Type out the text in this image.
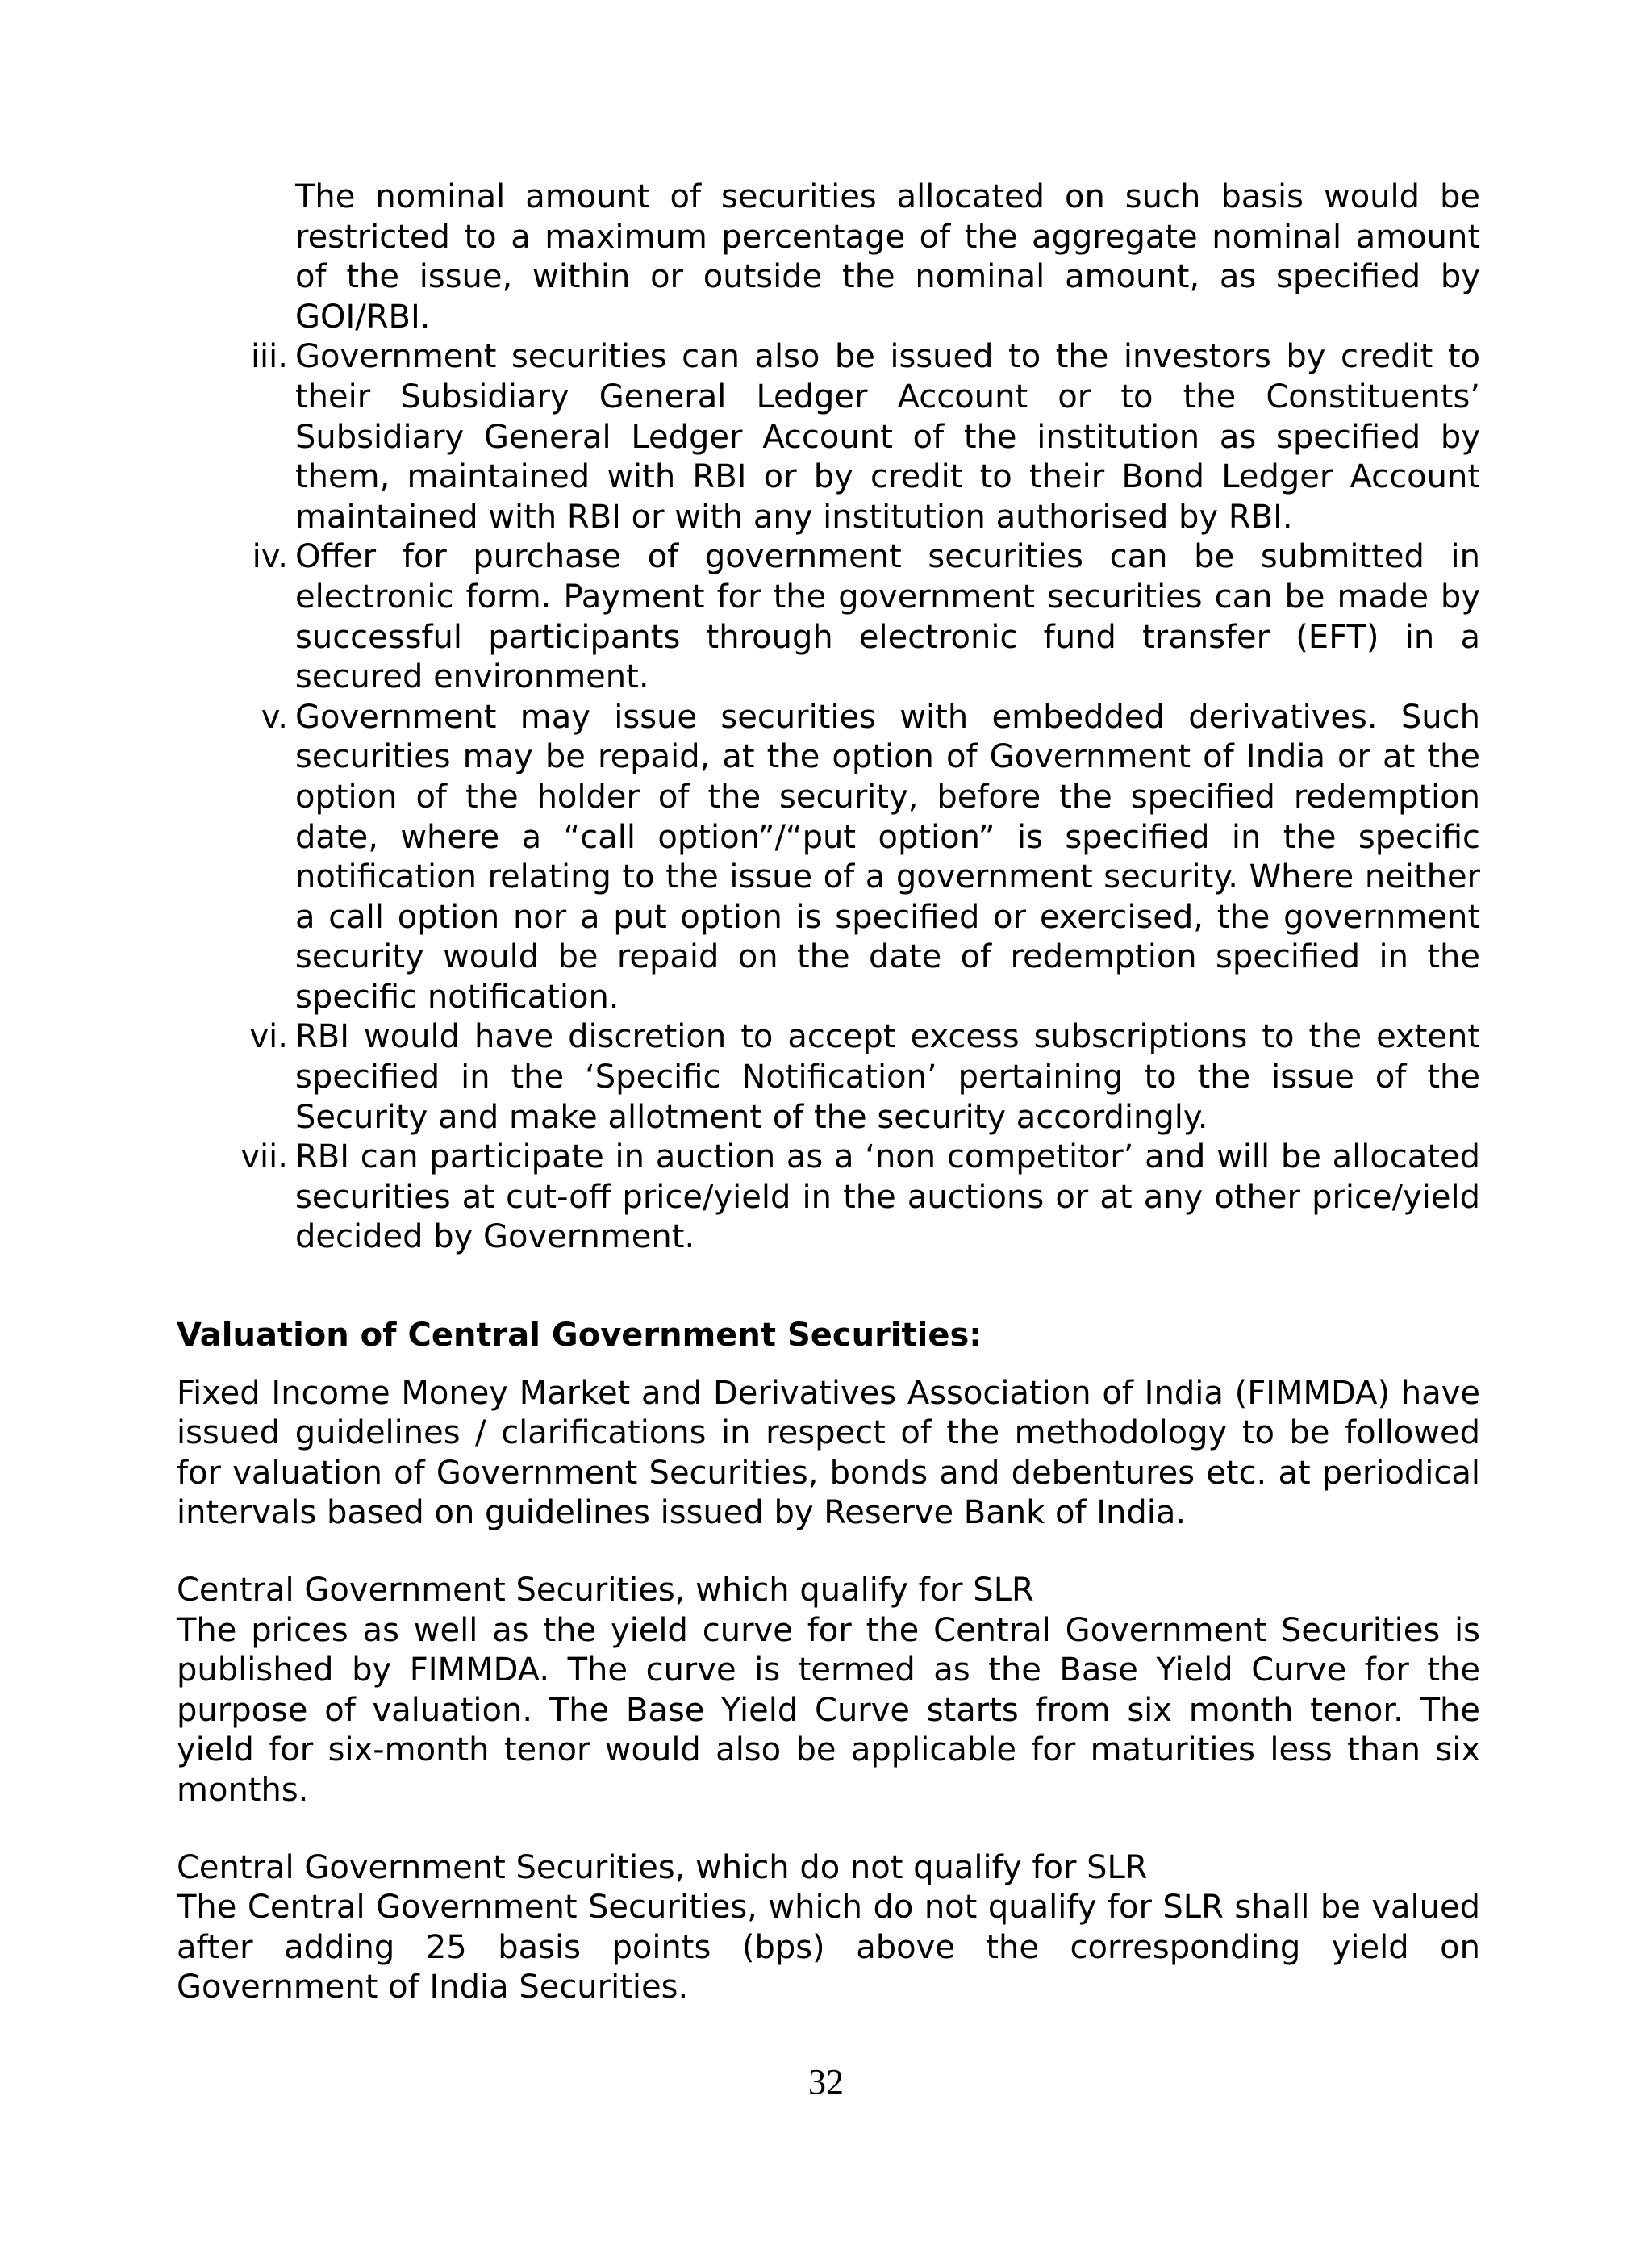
The nominal amount of securities allocated on such basis would be restricted to a maximum percentage of the aggregate nominal amount of the issue, within or outside the nominal amount, as specified by GOI/RBI.

iii. Government securities can also be issued to the investors by credit to their Subsidiary General Ledger Account or to the Constituents’ Subsidiary General Ledger Account of the institution as specified by them, maintained with RBI or by credit to their Bond Ledger Account maintained with RBI or with any institution authorised by RBI.
iv. Offer for purchase of government securities can be submitted in electronic form. Payment for the government securities can be made by successful participants through electronic fund transfer (EFT) in a secured environment.
v. Government may issue securities with embedded derivatives. Such securities may be repaid, at the option of Government of India or at the option of the holder of the security, before the specified redemption date, where a “call option”/“put option” is specified in the specific notification relating to the issue of a government security. Where neither a call option nor a put option is specified or exercised, the government security would be repaid on the date of redemption specified in the specific notification.
vi. RBI would have discretion to accept excess subscriptions to the extent specified in the ‘Specific Notification’ pertaining to the issue of the Security and make allotment of the security accordingly.
vii. RBI can participate in auction as a ‘non competitor’ and will be allocated securities at cut-off price/yield in the auctions or at any other price/yield decided by Government.
Valuation of Central Government Securities:

Fixed Income Money Market and Derivatives Association of India (FIMMDA) have issued guidelines / clarifications in respect of the methodology to be followed for valuation of Government Securities, bonds and debentures etc. at periodical intervals based on guidelines issued by Reserve Bank of India.

Central Government Securities, which qualify for SLR

The prices as well as the yield curve for the Central Government Securities is published by FIMMDA. The curve is termed as the Base Yield Curve for the purpose of valuation. The Base Yield Curve starts from six month tenor. The yield for six-month tenor would also be applicable for maturities less than six months.

Central Government Securities, which do not qualify for SLR

The Central Government Securities, which do not qualify for SLR shall be valued after adding 25 basis points (bps) above the corresponding yield on Government of India Securities.

32
